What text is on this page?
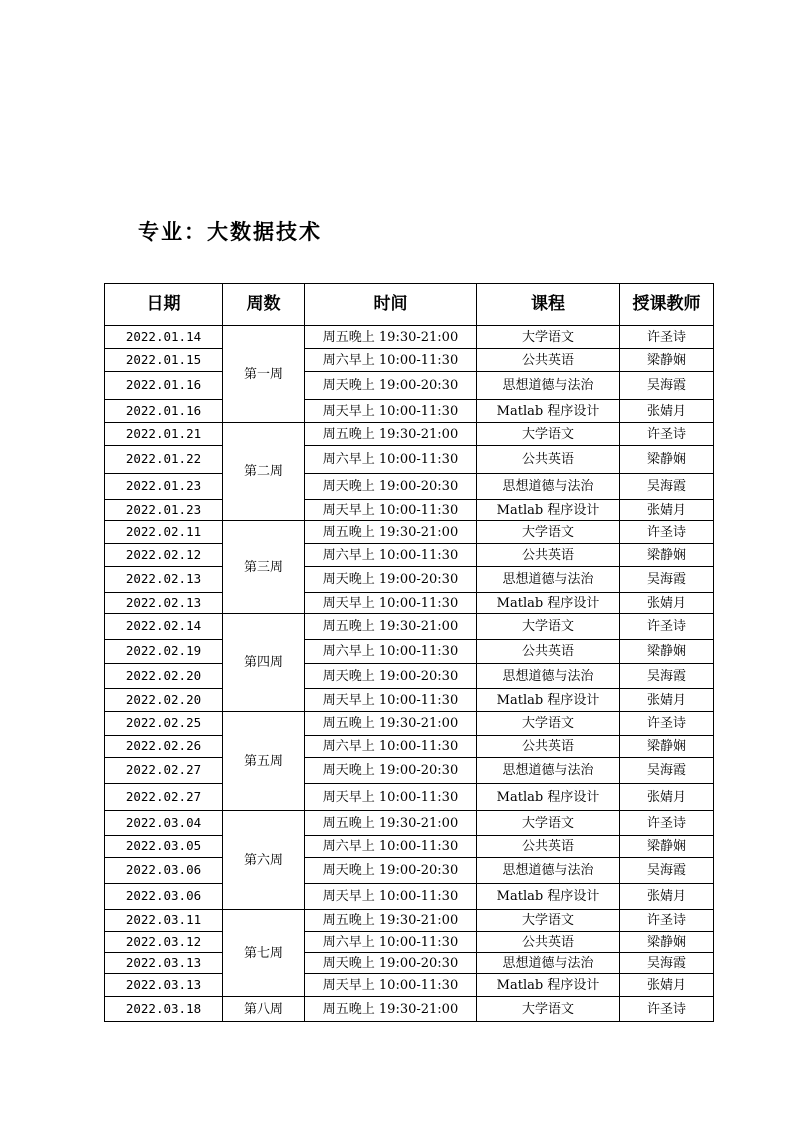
专业：大数据技术
日期	周数	时间	课程	授课教师
2022.01.14	第一周	周五晚上 19:30-21:00	大学语文	许圣诗
2022.01.15		周六早上 10:00-11:30	公共英语	梁静娴
2022.01.16		周天晚上 19:00-20:30	思想道德与法治	吴海霞
2022.01.16		周天早上 10:00-11:30	Matlab 程序设计	张婧月
2022.01.21	第二周	周五晚上 19:30-21:00	大学语文	许圣诗
2022.01.22		周六早上 10:00-11:30	公共英语	梁静娴
2022.01.23		周天晚上 19:00-20:30	思想道德与法治	吴海霞
2022.01.23		周天早上 10:00-11:30	Matlab 程序设计	张婧月
2022.02.11	第三周	周五晚上 19:30-21:00	大学语文	许圣诗
2022.02.12		周六早上 10:00-11:30	公共英语	梁静娴
2022.02.13		周天晚上 19:00-20:30	思想道德与法治	吴海霞
2022.02.13		周天早上 10:00-11:30	Matlab 程序设计	张婧月
2022.02.14	第四周	周五晚上 19:30-21:00	大学语文	许圣诗
2022.02.19		周六早上 10:00-11:30	公共英语	梁静娴
2022.02.20		周天晚上 19:00-20:30	思想道德与法治	吴海霞
2022.02.20		周天早上 10:00-11:30	Matlab 程序设计	张婧月
2022.02.25	第五周	周五晚上 19:30-21:00	大学语文	许圣诗
2022.02.26		周六早上 10:00-11:30	公共英语	梁静娴
2022.02.27		周天晚上 19:00-20:30	思想道德与法治	吴海霞
2022.02.27		周天早上 10:00-11:30	Matlab 程序设计	张婧月
2022.03.04	第六周	周五晚上 19:30-21:00	大学语文	许圣诗
2022.03.05		周六早上 10:00-11:30	公共英语	梁静娴
2022.03.06		周天晚上 19:00-20:30	思想道德与法治	吴海霞
2022.03.06		周天早上 10:00-11:30	Matlab 程序设计	张婧月
2022.03.11	第七周	周五晚上 19:30-21:00	大学语文	许圣诗
2022.03.12		周六早上 10:00-11:30	公共英语	梁静娴
2022.03.13		周天晚上 19:00-20:30	思想道德与法治	吴海霞
2022.03.13		周天早上 10:00-11:30	Matlab 程序设计	张婧月
2022.03.18	第八周	周五晚上 19:30-21:00	大学语文	许圣诗
